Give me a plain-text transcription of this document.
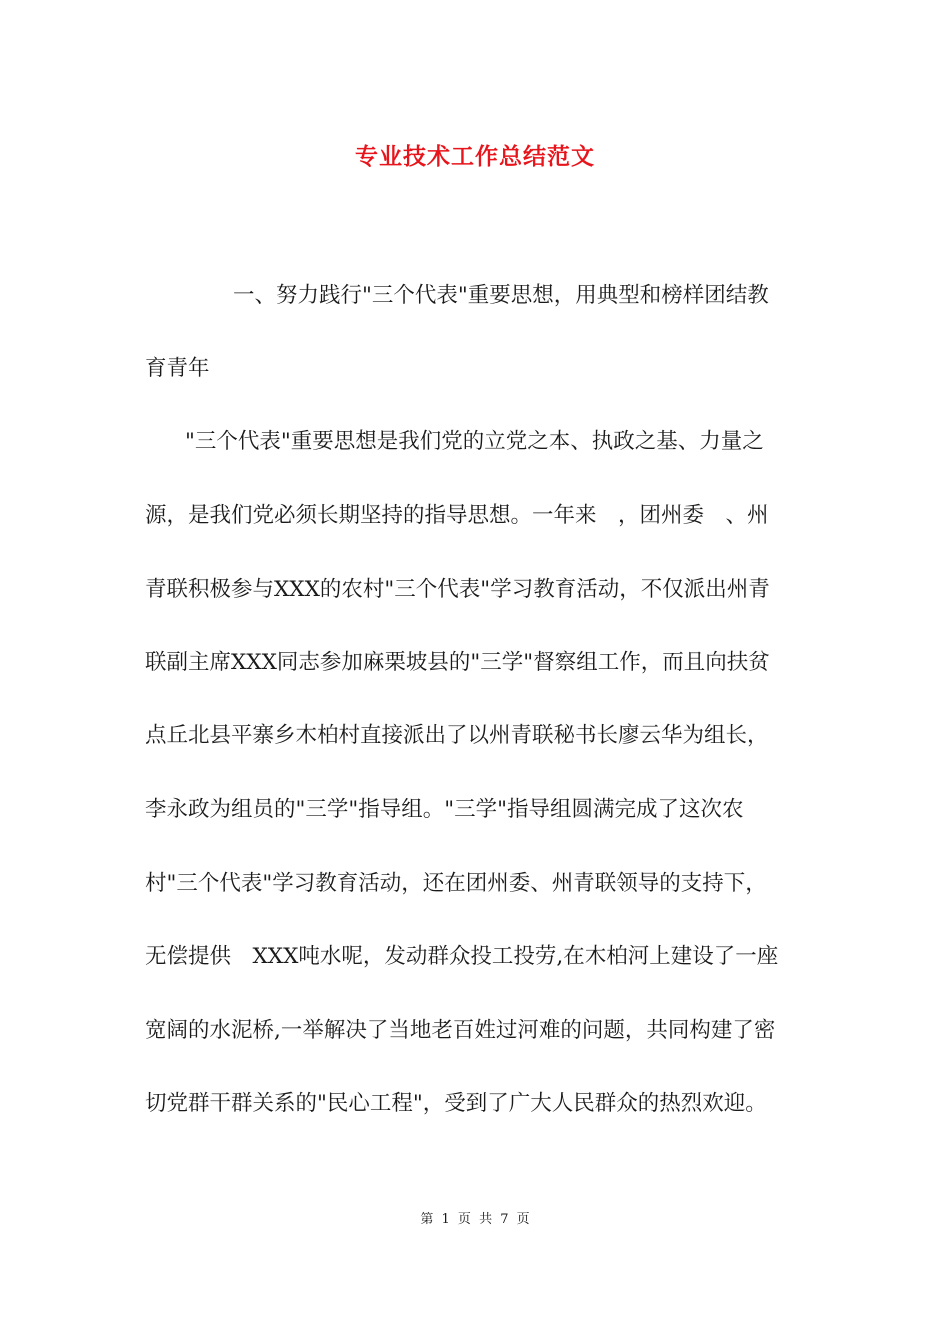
专业技术工作总结范文
一、努力践行"三个代表"重要思想，用典型和榜样团结教
育青年
"三个代表"重要思想是我们党的立党之本、执政之基、力量之
源，是我们党必须长期坚持的指导思想。一年来　，团州委　、州
青联积极参与XXX的农村"三个代表"学习教育活动，不仅派出州青
联副主席XXX同志参加麻栗坡县的"三学"督察组工作，而且向扶贫
点丘北县平寨乡木柏村直接派出了以州青联秘书长廖云华为组长，
李永政为组员的"三学"指导组。"三学"指导组圆满完成了这次农
村"三个代表"学习教育活动，还在团州委、州青联领导的支持下，
无偿提供　XXX吨水呢，发动群众投工投劳,在木柏河上建设了一座
宽阔的水泥桥,一举解决了当地老百姓过河难的问题，共同构建了密
切党群干群关系的"民心工程"，受到了广大人民群众的热烈欢迎。
第 1 页 共 7 页
